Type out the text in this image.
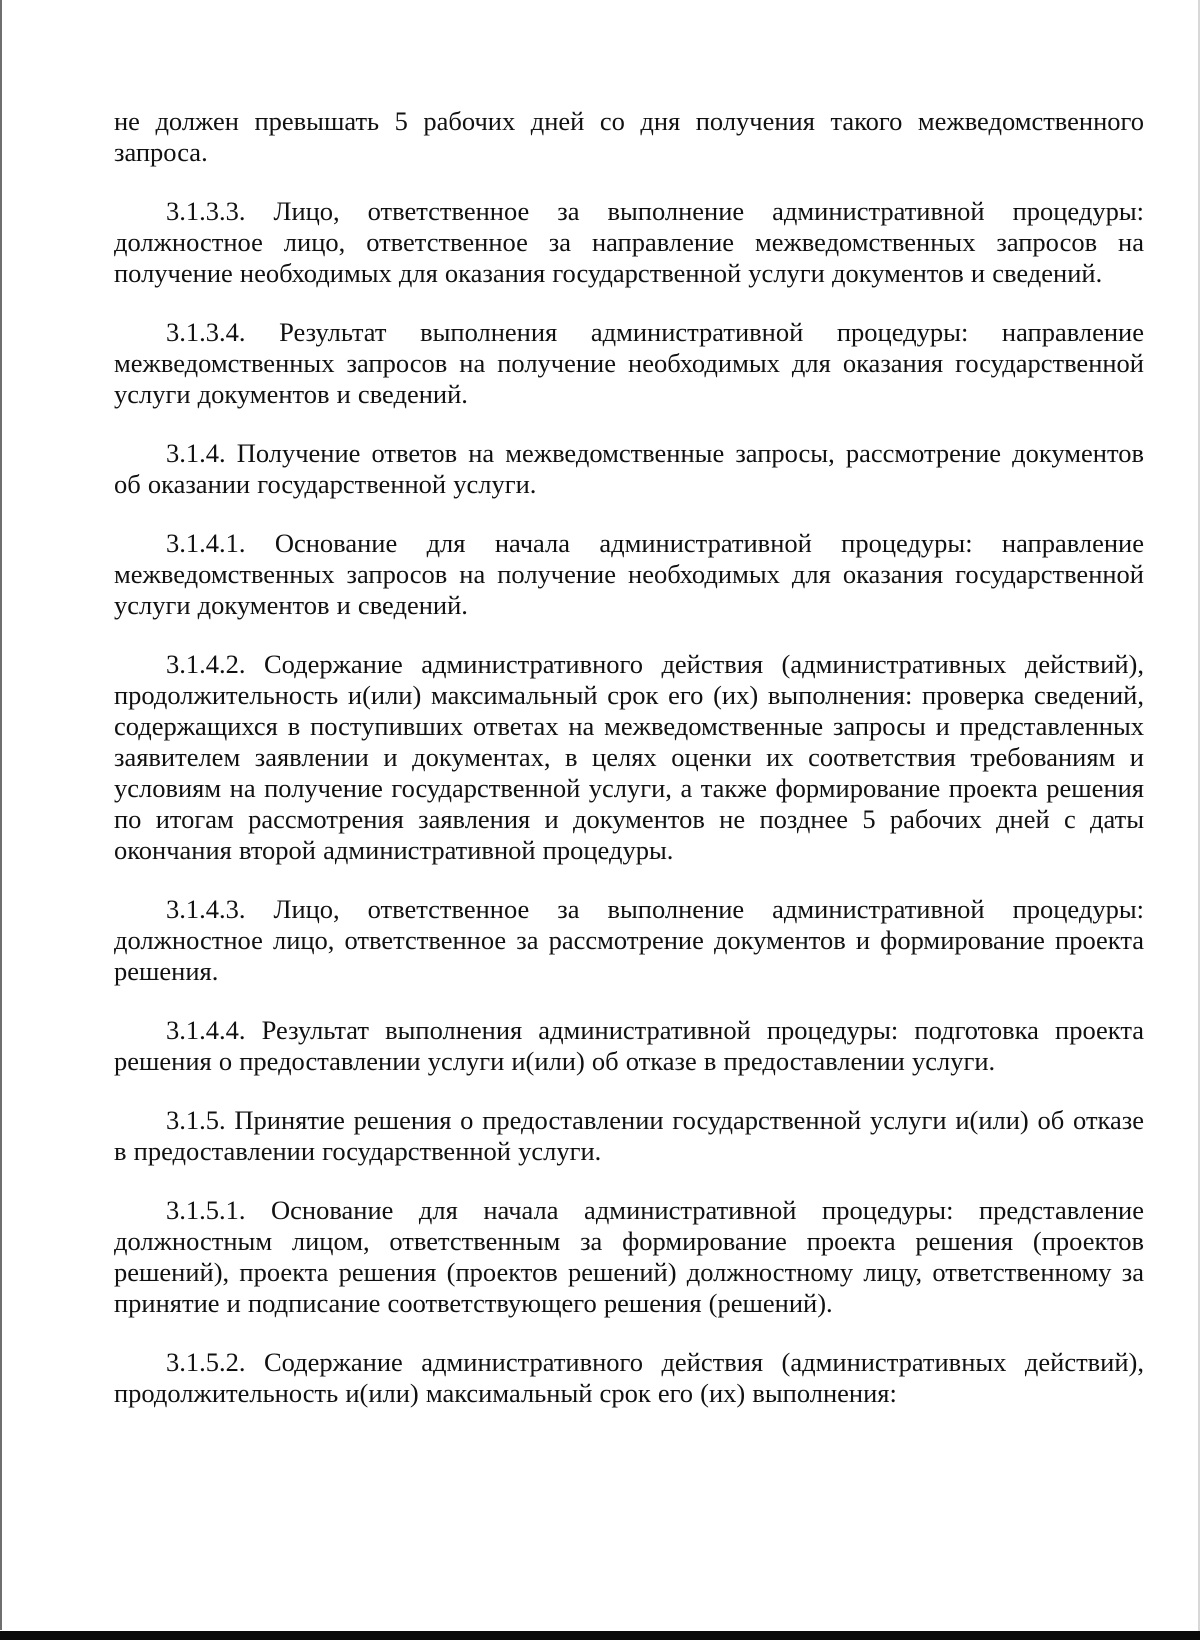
не должен превышать 5 рабочих дней со дня получения такого межведомственного запроса.

3.1.3.3. Лицо, ответственное за выполнение административной процедуры: должностное лицо, ответственное за направление межведомственных запросов на получение необходимых для оказания государственной услуги документов и сведений.

3.1.3.4. Результат выполнения административной процедуры: направление межведомственных запросов на получение необходимых для оказания государственной услуги документов и сведений.

3.1.4. Получение ответов на межведомственные запросы, рассмотрение документов об оказании государственной услуги.

3.1.4.1. Основание для начала административной процедуры: направление межведомственных запросов на получение необходимых для оказания государственной услуги документов и сведений.

3.1.4.2. Содержание административного действия (административных действий), продолжительность и(или) максимальный срок его (их) выполнения: проверка сведений, содержащихся в поступивших ответах на межведомственные запросы и представленных заявителем заявлении и документах, в целях оценки их соответствия требованиям и условиям на получение государственной услуги, а также формирование проекта решения по итогам рассмотрения заявления и документов не позднее 5 рабочих дней с даты окончания второй административной процедуры.

3.1.4.3. Лицо, ответственное за выполнение административной процедуры: должностное лицо, ответственное за рассмотрение документов и формирование проекта решения.

3.1.4.4. Результат выполнения административной процедуры: подготовка проекта решения о предоставлении услуги и(или) об отказе в предоставлении услуги.

3.1.5. Принятие решения о предоставлении государственной услуги и(или) об отказе в предоставлении государственной услуги.

3.1.5.1. Основание для начала административной процедуры: представление должностным лицом, ответственным за формирование проекта решения (проектов решений), проекта решения (проектов решений) должностному лицу, ответственному за принятие и подписание соответствующего решения (решений).

3.1.5.2. Содержание административного действия (административных действий), продолжительность и(или) максимальный срок его (их) выполнения:
